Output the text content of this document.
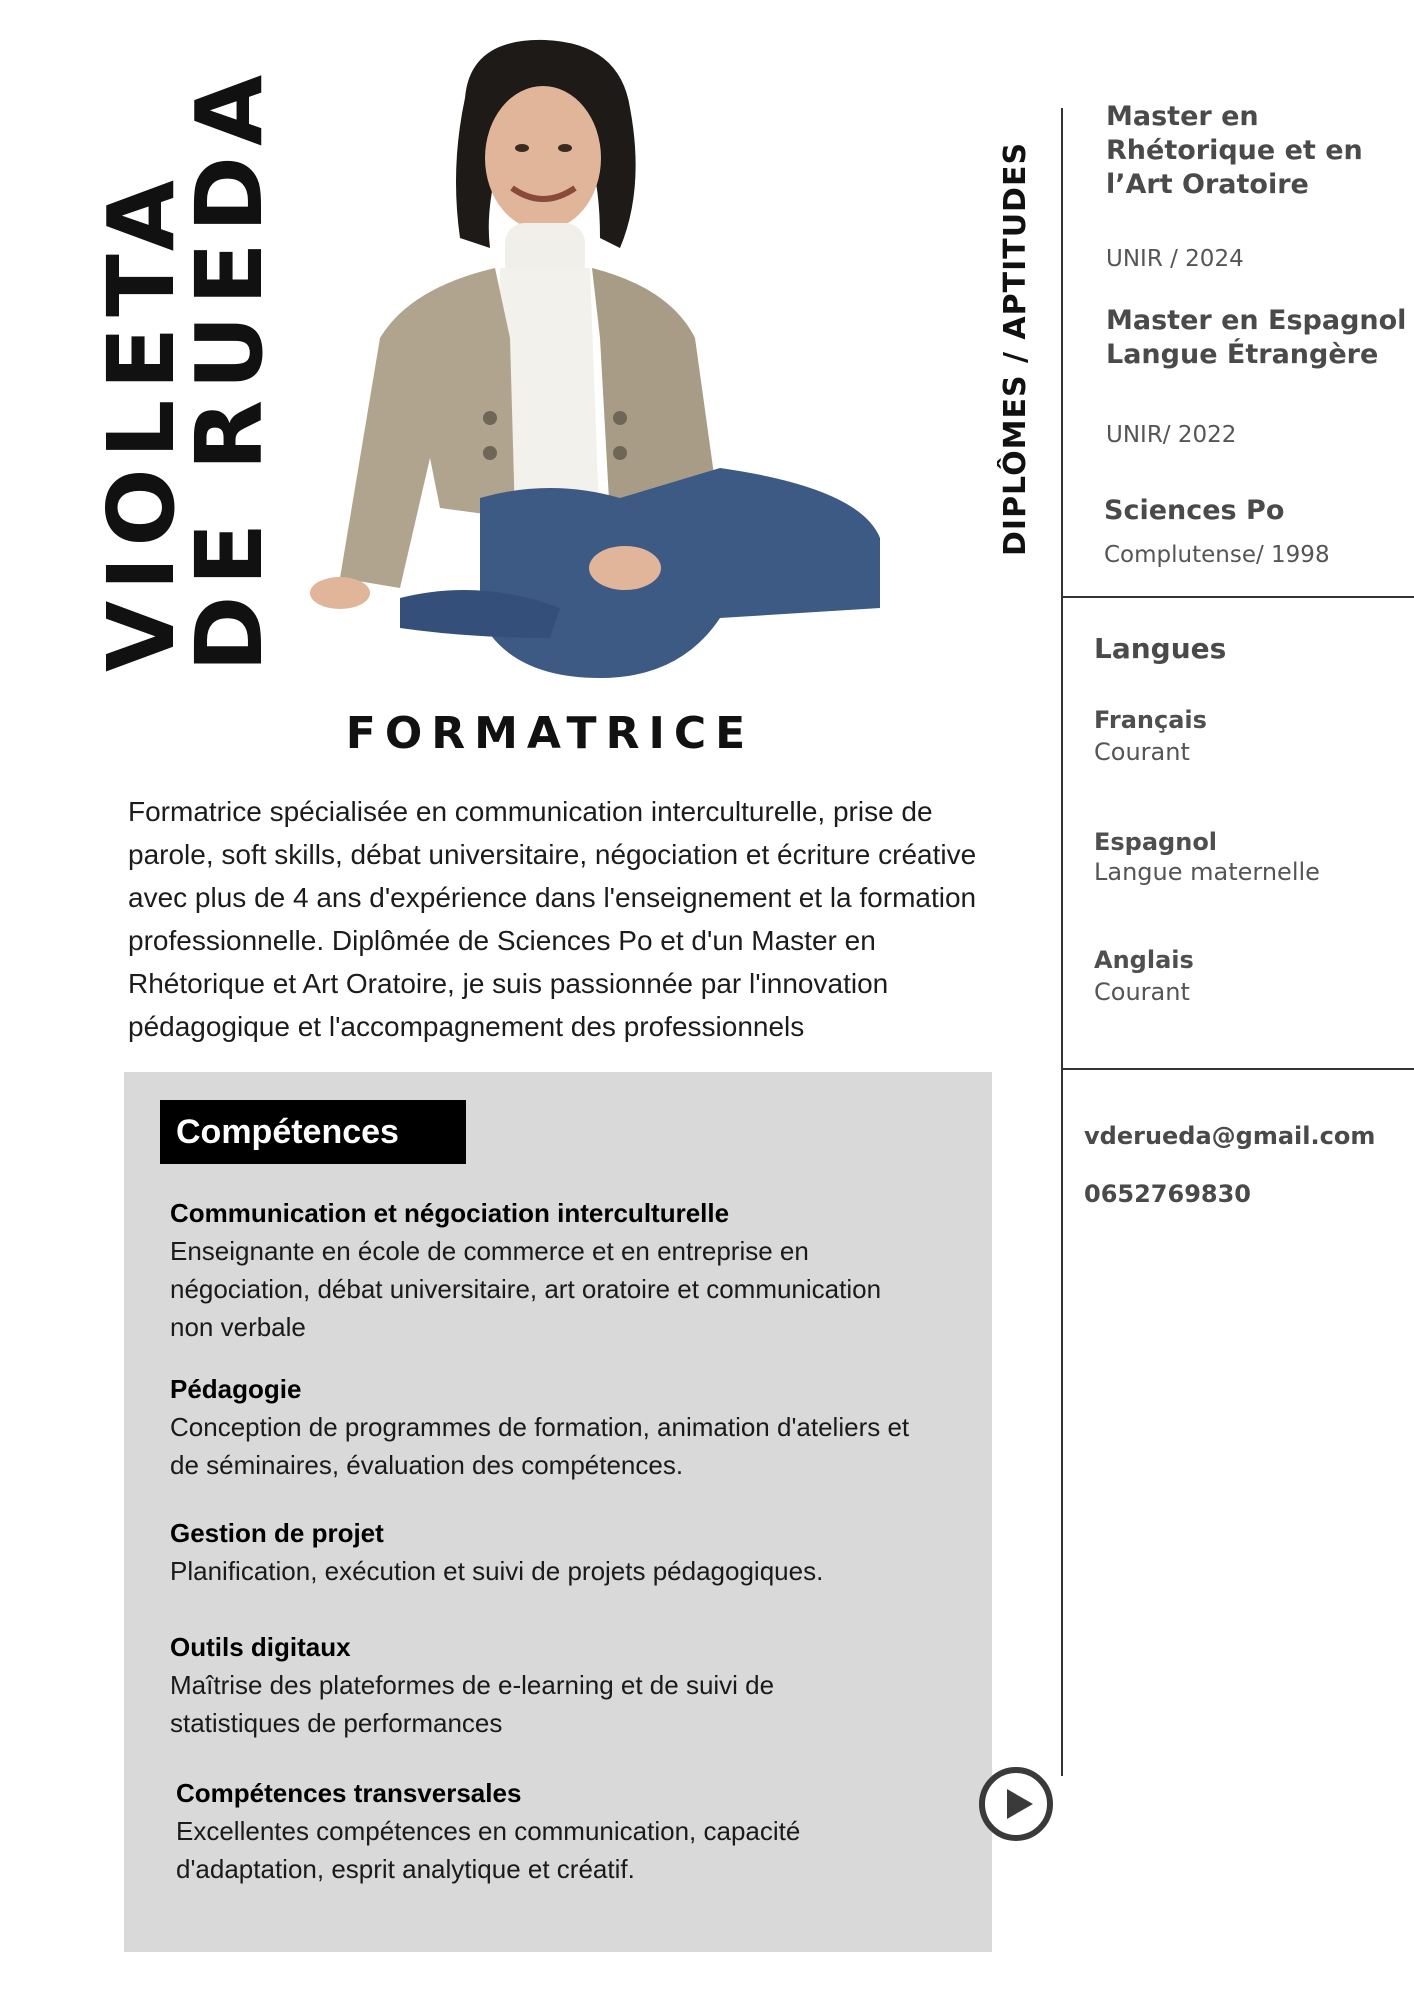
VIOLETA
DE RUEDA
FORMATRICE
Formatrice spécialisée en communication interculturelle, prise de parole, soft skills, débat universitaire, négociation et écriture créative avec plus de 4 ans d'expérience dans l'enseignement et la formation professionnelle. Diplômée de Sciences Po et d'un Master en Rhétorique et Art Oratoire, je suis passionnée par l'innovation pédagogique et l'accompagnement des professionnels
Compétences
Communication et négociation interculturelle
Enseignante en école de commerce et en entreprise en négociation, débat universitaire, art oratoire et communication non verbale
Pédagogie
Conception de programmes de formation, animation d'ateliers et de séminaires, évaluation des compétences.
Gestion de projet
Planification, exécution et suivi de projets pédagogiques.
Outils digitaux
Maîtrise des plateformes de e-learning et de suivi de statistiques de performances
Compétences transversales
Excellentes compétences en communication, capacité d'adaptation, esprit analytique et créatif.
DIPLÔMES / APTITUDES
Master en Rhétorique et en l’Art Oratoire
UNIR / 2024
Master en Espagnol Langue Étrangère
UNIR/ 2022
Sciences Po
Complutense/ 1998
Langues
Français
Courant
Espagnol
Langue maternelle
Anglais
Courant
vderueda@gmail.com
0652769830
